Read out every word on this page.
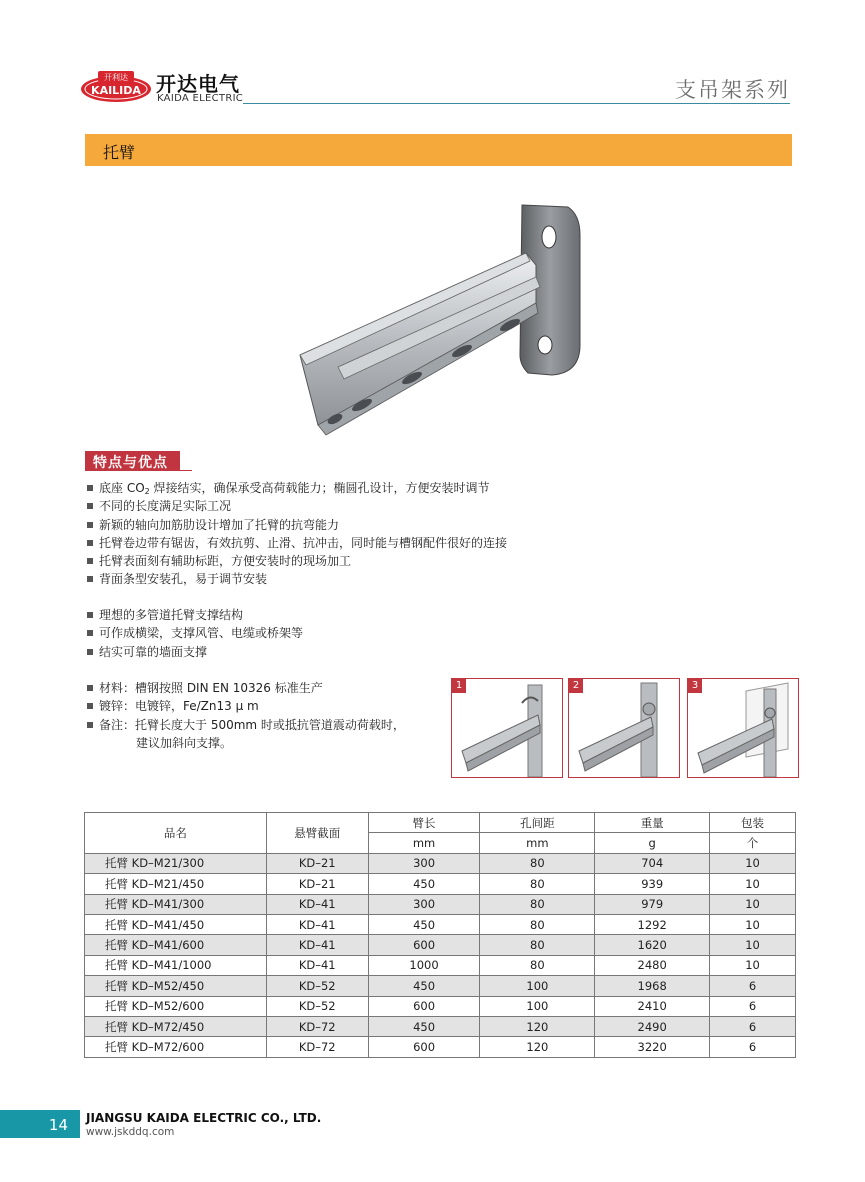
开利达
KAILIDA 开达电气
KAIDA ELECTRIC	支吊架系列
托臂
特点与优点
底座 $CO_2$ 焊接结实，确保承受高荷载能力；椭圆孔设计，方便安装时调节
不同的长度满足实际工况
新颖的轴向加筋肋设计增加了托臂的抗弯能力
托臂卷边带有锯齿，有效抗剪、止滑、抗冲击，同时能与槽钢配件很好的连接
托臂表面刻有辅助标距，方便安装时的现场加工
背面条型安装孔，易于调节安装
理想的多管道托臂支撑结构
可作成横梁，支撑风管、电缆或桥架等
结实可靠的墙面支撑
材料：槽钢按照 DIN EN 10326 标准生产
镀锌：电镀锌，Fe/Zn13 μ m
备注：托臂长度大于 500mm 时或抵抗管道震动荷载时，
建议加斜向支撑。
1	2	3
品名	悬臂截面	臂长	孔间距	重量	包装
		mm	mm	g	个
托臂 KD–M21/300	KD–21	300	80	704	10
托臂 KD–M21/450	KD–21	450	80	939	10
托臂 KD–M41/300	KD–41	300	80	979	10
托臂 KD–M41/450	KD–41	450	80	1292	10
托臂 KD–M41/600	KD–41	600	80	1620	10
托臂 KD–M41/1000	KD–41	1000	80	2480	10
托臂 KD–M52/450	KD–52	450	100	1968	6
托臂 KD–M52/600	KD–52	600	100	2410	6
托臂 KD–M72/450	KD–72	450	120	2490	6
托臂 KD–M72/600	KD–72	600	120	3220	6
14	JIANGSU KAIDA ELECTRIC CO., LTD.
www.jskddq.com
